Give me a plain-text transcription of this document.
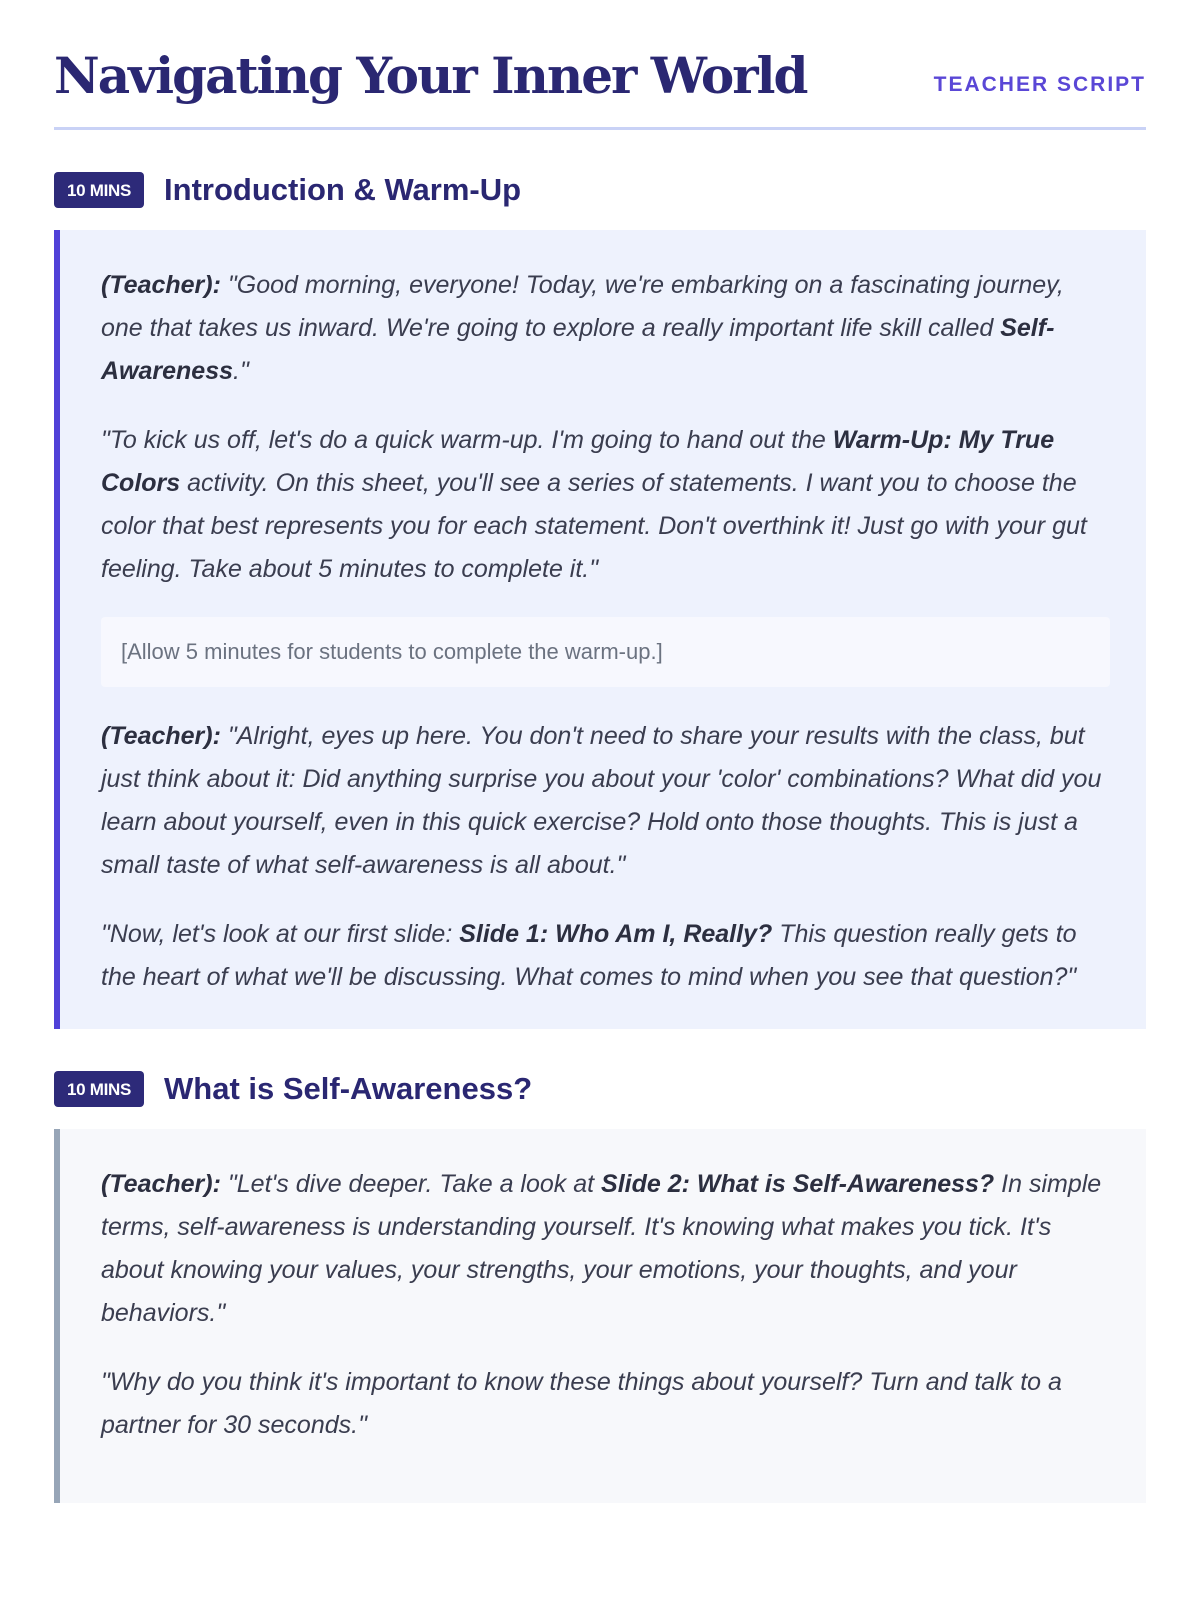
Navigating Your Inner World	TEACHER SCRIPT
10 MINS	Introduction & Warm-Up

(Teacher): "Good morning, everyone! Today, we're embarking on a fascinating journey, one that takes us inward. We're going to explore a really important life skill called Self-Awareness."

"To kick us off, let's do a quick warm-up. I'm going to hand out the Warm-Up: My True Colors activity. On this sheet, you'll see a series of statements. I want you to choose the color that best represents you for each statement. Don't overthink it! Just go with your gut feeling. Take about 5 minutes to complete it."

[Allow 5 minutes for students to complete the warm-up.]

(Teacher): "Alright, eyes up here. You don't need to share your results with the class, but just think about it: Did anything surprise you about your 'color' combinations? What did you learn about yourself, even in this quick exercise? Hold onto those thoughts. This is just a small taste of what self-awareness is all about."

"Now, let's look at our first slide: Slide 1: Who Am I, Really? This question really gets to the heart of what we'll be discussing. What comes to mind when you see that question?"

10 MINS	What is Self-Awareness?

(Teacher): "Let's dive deeper. Take a look at Slide 2: What is Self-Awareness? In simple terms, self-awareness is understanding yourself. It's knowing what makes you tick. It's about knowing your values, your strengths, your emotions, your thoughts, and your behaviors."

"Why do you think it's important to know these things about yourself? Turn and talk to a partner for 30 seconds."
